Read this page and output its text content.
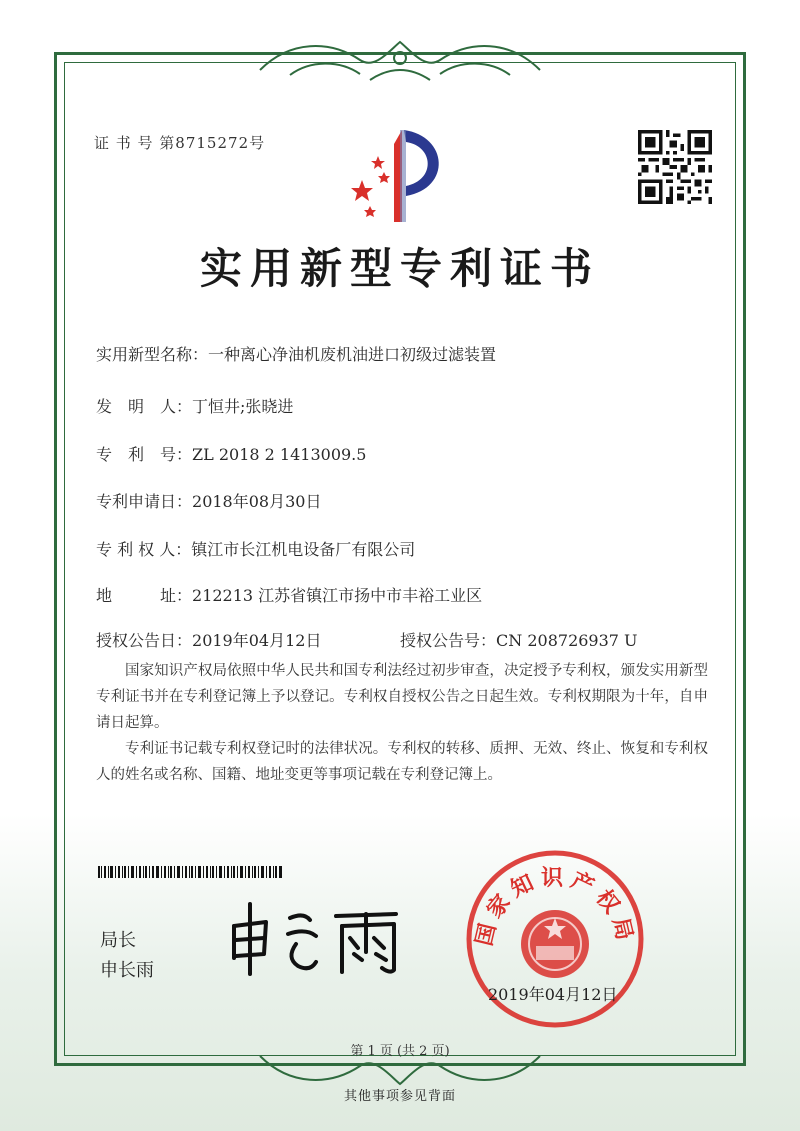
证 书 号 第8715272号
实用新型专利证书
实用新型名称：一种离心净油机废机油进口初级过滤装置
发　明　人：丁恒井;张晓进
专　利　号：ZL 2018 2 1413009.5
专利申请日：2018年08月30日
专 利 权 人：镇江市长江机电设备厂有限公司
地　　　址：212213 江苏省镇江市扬中市丰裕工业区
授权公告日：2019年04月12日	授权公告号：CN 208726937 U
国家知识产权局依照中华人民共和国专利法经过初步审查，决定授予专利权，颁发实用新型专利证书并在专利登记簿上予以登记。专利权自授权公告之日起生效。专利权期限为十年，自申请日起算。
专利证书记载专利权登记时的法律状况。专利权的转移、质押、无效、终止、恢复和专利权人的姓名或名称、国籍、地址变更等事项记载在专利登记簿上。
局长
申长雨
国家知识产权局
2019年04月12日
第 1 页 (共 2 页)
其他事项参见背面
